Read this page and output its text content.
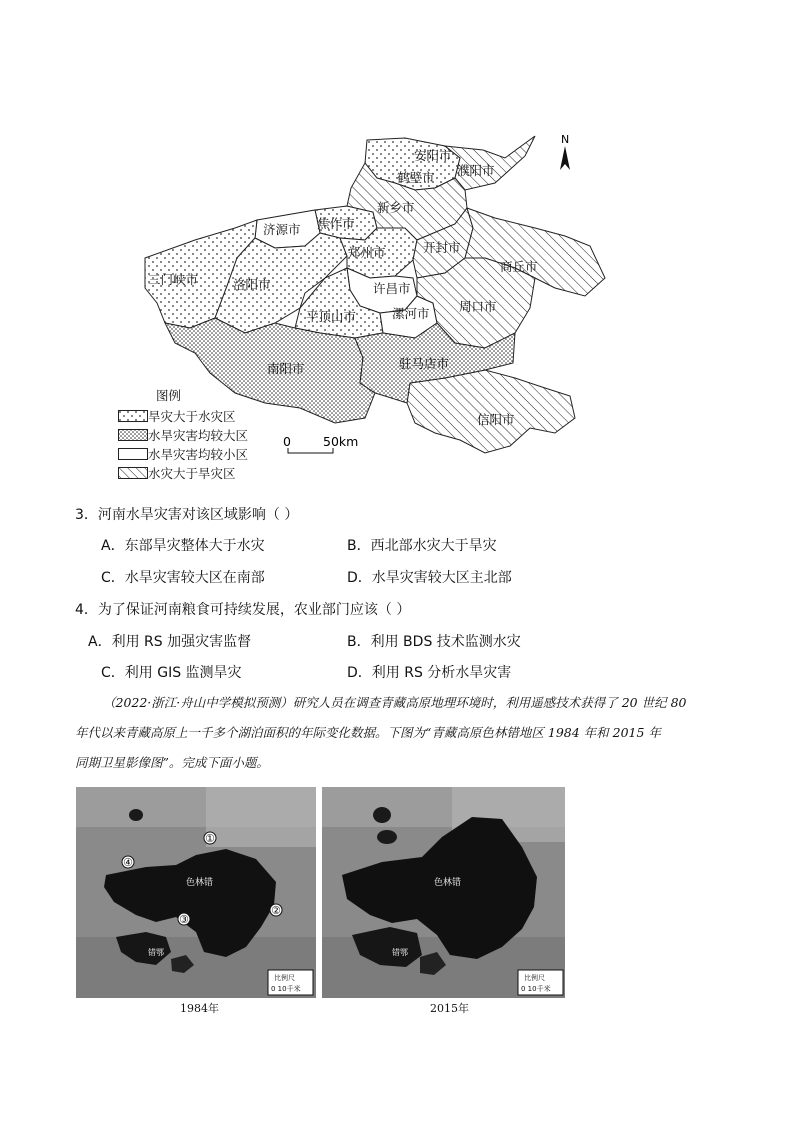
安阳市
濮阳市
鹤壁市
新乡市
济源市 焦作市
郑州市	开封市
三门峡市	洛阳市	许昌市
商丘市
平顶山市	漯河市 周口市
南阳市	驻马店市
信阳市
N
0	50km
图例
旱灾大于水灾区
水旱灾害均较大区
水旱灾害均较小区
水灾大于旱灾区
3．河南水旱灾害对该区域影响（ ）
A．东部旱灾整体大于水灾	B．西北部水灾大于旱灾
C．水旱灾害较大区在南部	D．水旱灾害较大区主北部
4．为了保证河南粮食可持续发展，农业部门应该（ ）
A．利用 RS 加强灾害监督	B．利用 BDS 技术监测水灾
C．利用 GIS 监测旱灾	D．利用 RS 分析水旱灾害
（2022·浙江·舟山中学模拟预测）研究人员在调查青藏高原地理环境时，利用遥感技术获得了 20 世纪 80
年代以来青藏高原上一千多个湖泊面积的年际变化数据。下图为“青藏高原色林错地区 1984 年和 2015 年
同期卫星影像图”。完成下面小题。
色林错
错鄂
①
②
③
④
比例尺
0 10千米
1984年
色林错
错鄂
比例尺
0 10千米
2015年
